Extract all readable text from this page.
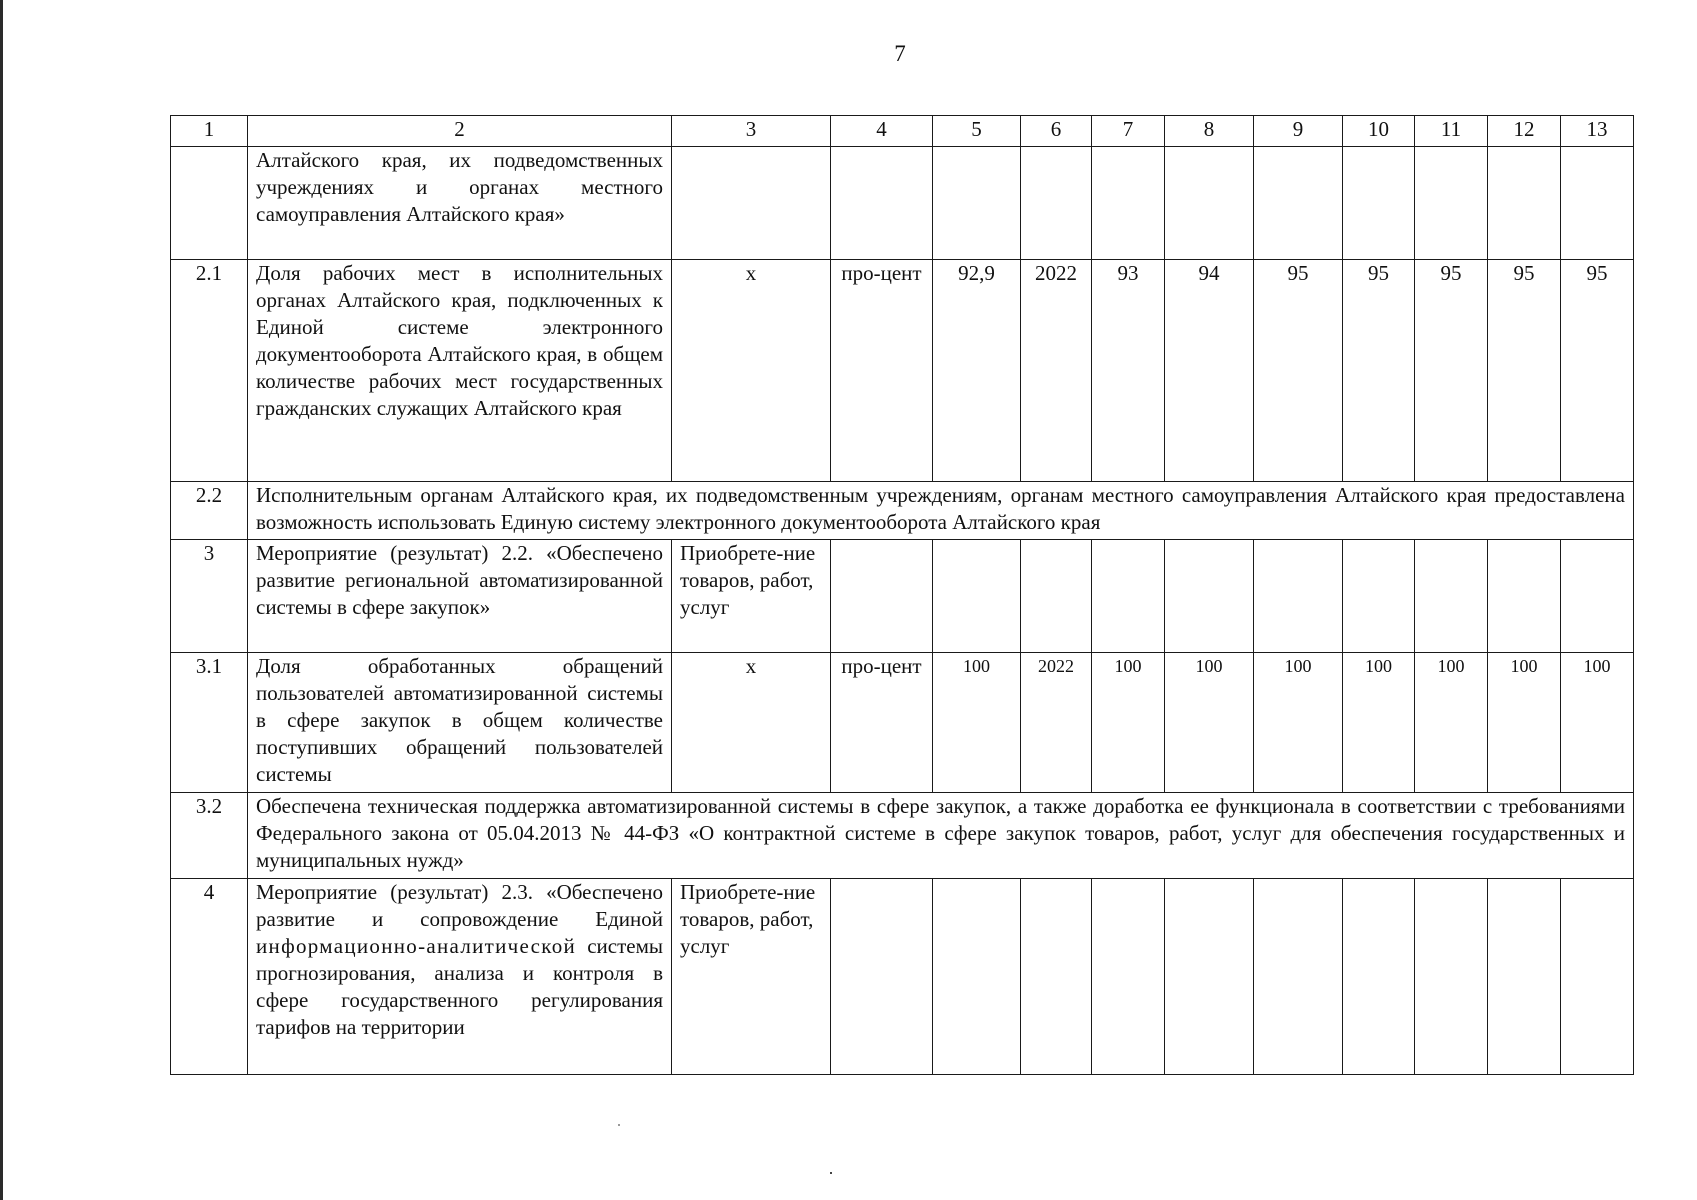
7
1	2	3	4	5	6	7	8	9	10	11	12	13
	Алтайского края, их подведомственных учреждениях и органах местного самоуправления Алтайского края»											
2.1	Доля рабочих мест в исполнительных органах Алтайского края, подключенных к Единой системе электронного документооборота Алтайского края, в общем количестве рабочих мест государственных гражданских служащих Алтайского края	x	про-цент	92,9	2022	93	94	95	95	95	95	95
2.2	Исполнительным органам Алтайского края, их подведомственным учреждениям, органам местного самоуправления Алтайского края предоставлена возможность использовать Единую систему электронного документооборота Алтайского края											
3	Мероприятие (результат) 2.2. «Обеспечено развитие региональной автоматизированной системы в сфере закупок»	Приобрете-ние товаров, работ, услуг										
3.1	Доля обработанных обращений пользователей автоматизированной системы в сфере закупок в общем количестве поступивших обращений пользователей системы	x	про-цент	100	2022	100	100	100	100	100	100	100
3.2	Обеспечена техническая поддержка автоматизированной системы в сфере закупок, а также доработка ее функционала в соответствии с требованиями Федерального закона от 05.04.2013 № 44-ФЗ «О контрактной системе в сфере закупок товаров, работ, услуг для обеспечения государственных и муниципальных нужд»											
4	Мероприятие (результат) 2.3. «Обеспечено развитие и сопровождение Единой информационно-аналитической системы прогнозирования, анализа и контроля в сфере государственного регулирования тарифов на территории	Приобрете-ние товаров, работ, услуг										
